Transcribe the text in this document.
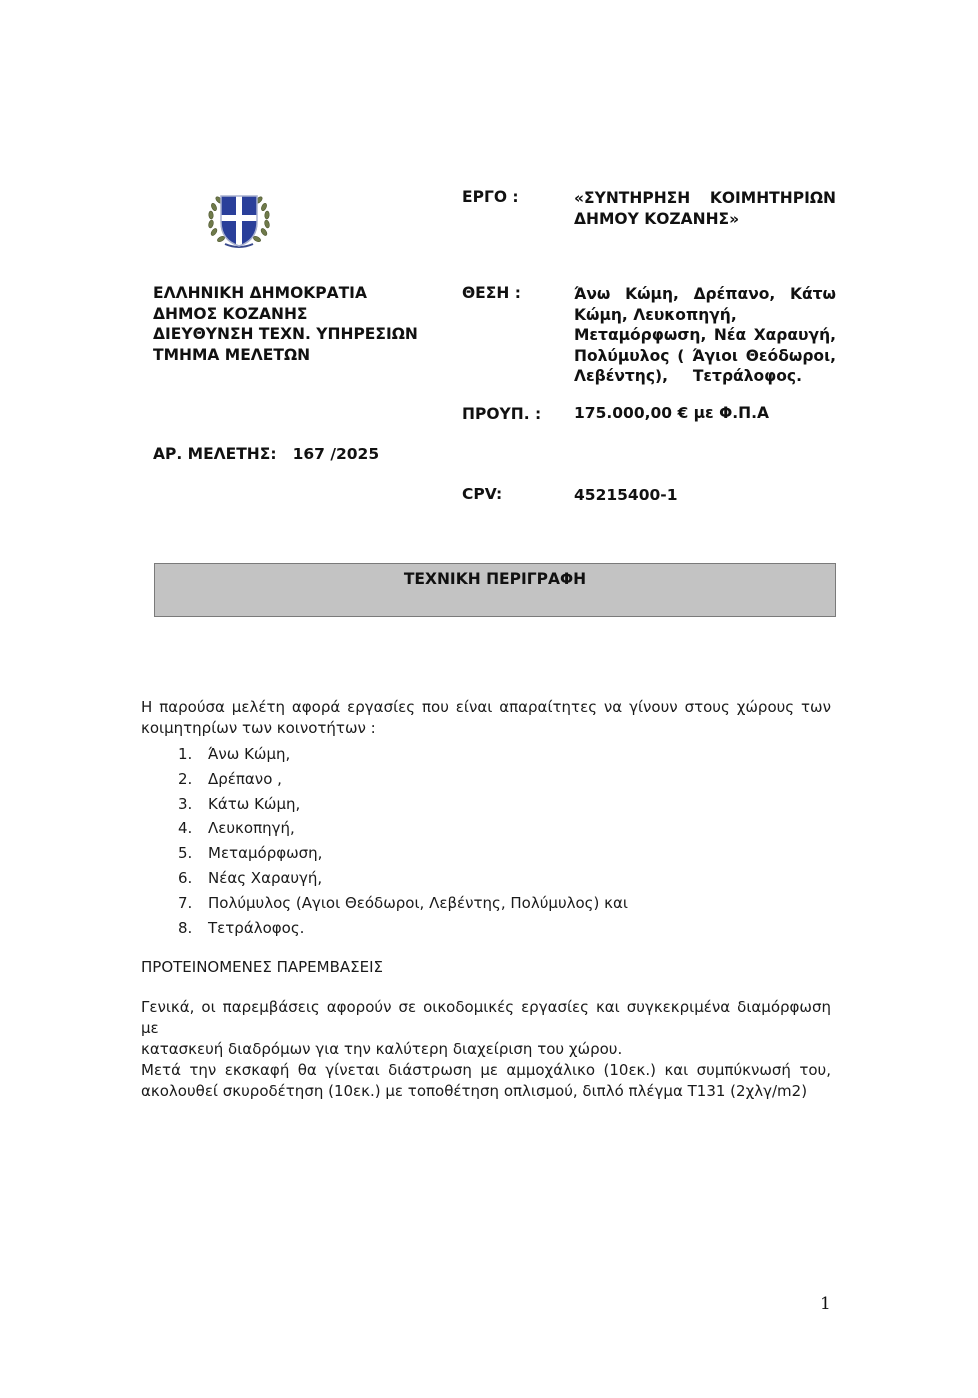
ΕΛΛΗΝΙΚΗ ΔΗΜΟΚΡΑΤΙΑ
ΔΗΜΟΣ ΚΟΖΑΝΗΣ
ΔΙΕΥΘΥΝΣΗ ΤΕΧΝ. ΥΠΗΡΕΣΙΩΝ
ΤΜΗΜΑ ΜΕΛΕΤΩΝ
ΑΡ. ΜΕΛΕΤΗΣ: 167 /2025
ΕΡΓΟ :	«ΣΥΝΤΗΡΗΣΗ ΚΟΙΜΗΤΗΡΙΩΝ
ΔΗΜΟΥ ΚΟΖΑΝΗΣ»
ΘΕΣΗ :	Άνω Κώμη, Δρέπανο, Κάτω
Κώμη, Λευκοπηγή,
Μεταμόρφωση, Νέα Χαραυγή,
Πολύμυλος ( Άγιοι Θεόδωροι,
Λεβέντης), Τετράλοφος.
ΠΡΟΥΠ. : 175.000,00 € με Φ.Π.Α
CPV:	45215400-1
ΤΕΧΝΙΚΗ ΠΕΡΙΓΡΑΦΗ
Η παρούσα μελέτη αφορά εργασίες που είναι απαραίτητες να γίνουν στους χώρους των
κοιμητηρίων των κοινοτήτων :
1. Άνω Κώμη,
2. Δρέπανο ,
3. Κάτω Κώμη,
4. Λευκοπηγή,
5. Μεταμόρφωση,
6. Νέας Χαραυγή,
7. Πολύμυλος (Αγιοι Θεόδωροι, Λεβέντης, Πολύμυλος) και
8. Τετράλοφος.
ΠΡΟΤΕΙΝΟΜΕΝΕΣ ΠΑΡΕΜΒΑΣΕΙΣ
Γενικά, οι παρεμβάσεις αφορούν σε οικοδομικές εργασίες και συγκεκριμένα διαμόρφωση με
κατασκευή διαδρόμων για την καλύτερη διαχείριση του χώρου.
Μετά την εκσκαφή θα γίνεται διάστρωση με αμμοχάλικο (10εκ.) και συμπύκνωσή του,
ακολουθεί σκυροδέτηση (10εκ.) με τοποθέτηση οπλισμού, διπλό πλέγμα Τ131 (2χλγ/m2)
1
